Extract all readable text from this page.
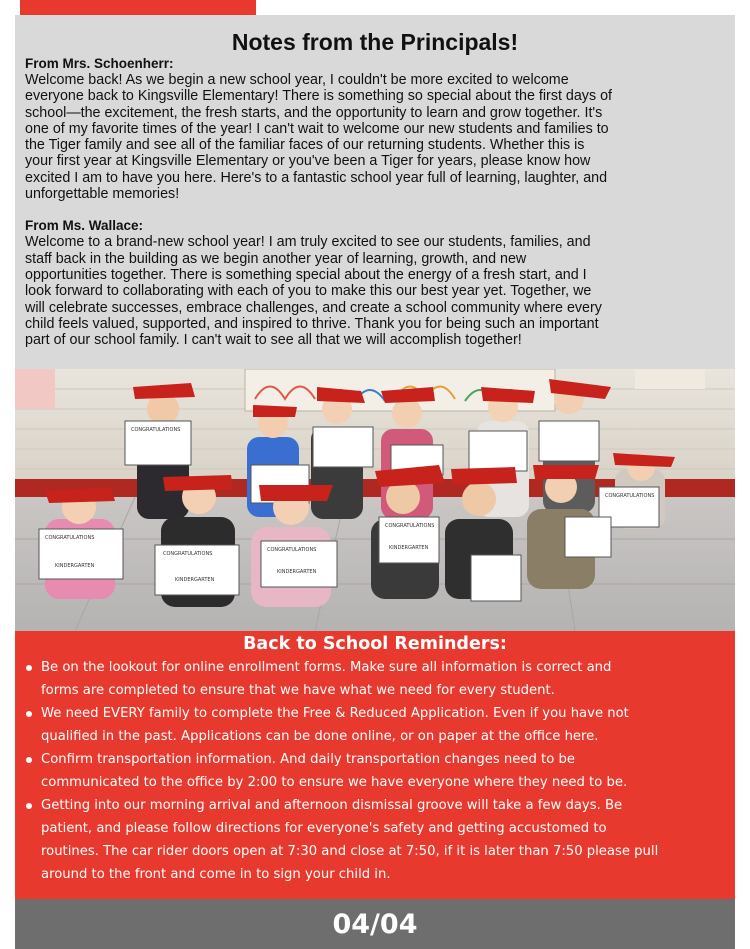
Notes from the Principals!

From Mrs. Schoenherr:

Welcome back! As we begin a new school year, I couldn't be more excited to welcome
everyone back to Kingsville Elementary! There is something so special about the first days of
school—the excitement, the fresh starts, and the opportunity to learn and grow together. It's
one of my favorite times of the year! I can't wait to welcome our new students and families to
the Tiger family and see all of the familiar faces of our returning students. Whether this is
your first year at Kingsville Elementary or you've been a Tiger for years, please know how
excited I am to have you here. Here's to a fantastic school year full of learning, laughter, and
unforgettable memories!

From Ms. Wallace:

Welcome to a brand-new school year! I am truly excited to see our students, families, and
staff back in the building as we begin another year of learning, growth, and new
opportunities together. There is something special about the energy of a fresh start, and I
look forward to collaborating with each of you to make this our best year yet. Together, we
will celebrate successes, embrace challenges, and create a school community where every
child feels valued, supported, and inspired to thrive. Thank you for being such an important
part of our school family. I can't wait to see all that we will accomplish together!

CONGRATULATIONS
CONGRATULATIONS
CONGRATULATIONS
CONGRATULATIONS
CONGRATULATIONS
CONGRATULATIONS
KINDERGARTEN
KINDERGARTEN
KINDERGARTEN
KINDERGARTEN
Back to School Reminders:
Be on the lookout for online enrollment forms. Make sure all information is correct and
forms are completed to ensure that we have what we need for every student.
We need EVERY family to complete the Free & Reduced Application. Even if you have not
qualified in the past. Applications can be done online, or on paper at the office here.
Confirm transportation information. And daily transportation changes need to be
communicated to the office by 2:00 to ensure we have everyone where they need to be.
Getting into our morning arrival and afternoon dismissal groove will take a few days. Be
patient, and please follow directions for everyone's safety and getting accustomed to
routines. The car rider doors open at 7:30 and close at 7:50, if it is later than 7:50 please pull
around to the front and come in to sign your child in.
04/04
